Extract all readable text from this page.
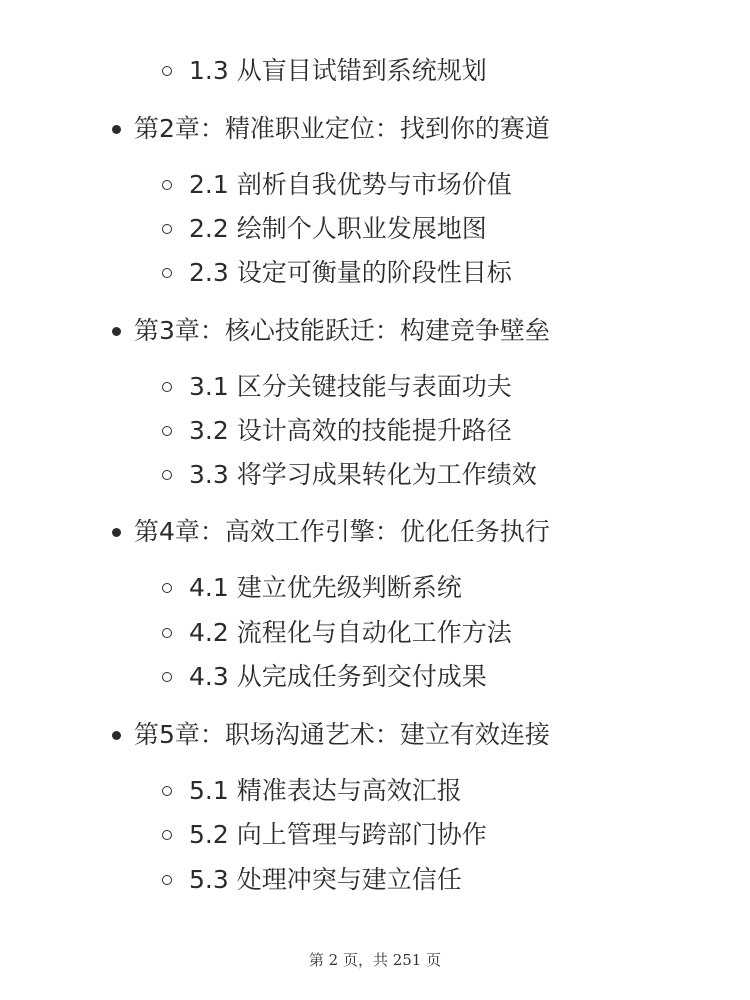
1.3 从盲目试错到系统规划
第2章：精准职业定位：找到你的赛道
2.1 剖析自我优势与市场价值
2.2 绘制个人职业发展地图
2.3 设定可衡量的阶段性目标
第3章：核心技能跃迁：构建竞争壁垒
3.1 区分关键技能与表面功夫
3.2 设计高效的技能提升路径
3.3 将学习成果转化为工作绩效
第4章：高效工作引擎：优化任务执行
4.1 建立优先级判断系统
4.2 流程化与自动化工作方法
4.3 从完成任务到交付成果
第5章：职场沟通艺术：建立有效连接
5.1 精准表达与高效汇报
5.2 向上管理与跨部门协作
5.3 处理冲突与建立信任
第 2 页，共 251 页
